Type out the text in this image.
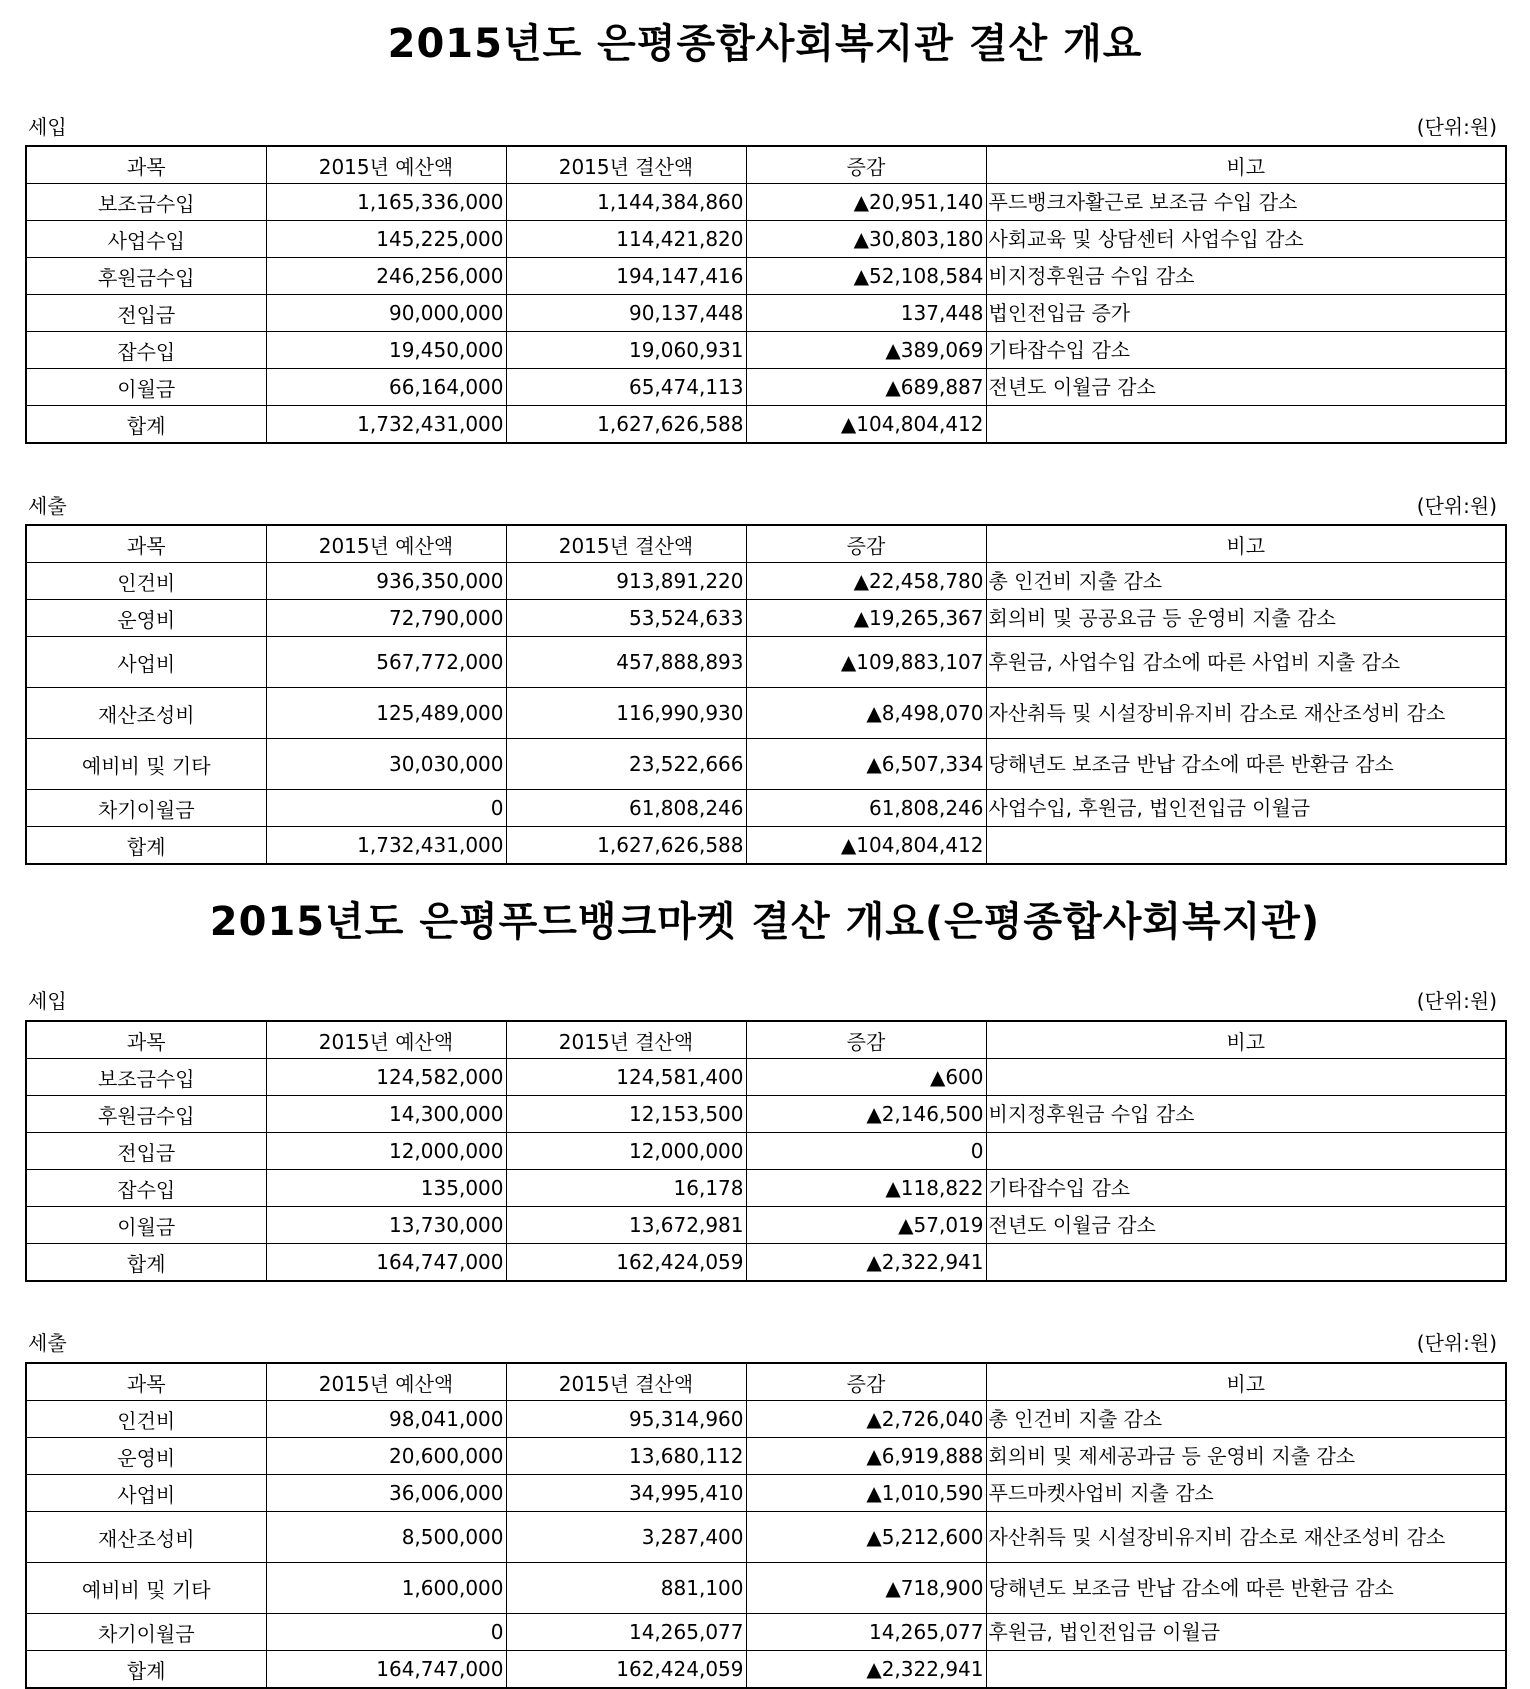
2015년도 은평종합사회복지관 결산 개요
세입	(단위:원)
과목	2015년 예산액	2015년 결산액	증감	비고
보조금수입	1,165,336,000	1,144,384,860	▲20,951,140	푸드뱅크자활근로 보조금 수입 감소
사업수입	145,225,000	114,421,820	▲30,803,180	사회교육 및 상담센터 사업수입 감소
후원금수입	246,256,000	194,147,416	▲52,108,584	비지정후원금 수입 감소
전입금	90,000,000	90,137,448	137,448	법인전입금 증가
잡수입	19,450,000	19,060,931	▲389,069	기타잡수입 감소
이월금	66,164,000	65,474,113	▲689,887	전년도 이월금 감소
합계	1,732,431,000	1,627,626,588	▲104,804,412	
세출	(단위:원)
과목	2015년 예산액	2015년 결산액	증감	비고
인건비	936,350,000	913,891,220	▲22,458,780	총 인건비 지출 감소
운영비	72,790,000	53,524,633	▲19,265,367	회의비 및 공공요금 등 운영비 지출 감소
사업비	567,772,000	457,888,893	▲109,883,107	후원금, 사업수입 감소에 따른 사업비 지출 감소
재산조성비	125,489,000	116,990,930	▲8,498,070	자산취득 및 시설장비유지비 감소로 재산조성비 감소
예비비 및 기타	30,030,000	23,522,666	▲6,507,334	당해년도 보조금 반납 감소에 따른 반환금 감소
차기이월금	0	61,808,246	61,808,246	사업수입, 후원금, 법인전입금 이월금
합계	1,732,431,000	1,627,626,588	▲104,804,412	
2015년도 은평푸드뱅크마켓 결산 개요(은평종합사회복지관)
세입	(단위:원)
과목	2015년 예산액	2015년 결산액	증감	비고
보조금수입	124,582,000	124,581,400	▲600	
후원금수입	14,300,000	12,153,500	▲2,146,500	비지정후원금 수입 감소
전입금	12,000,000	12,000,000	0	
잡수입	135,000	16,178	▲118,822	기타잡수입 감소
이월금	13,730,000	13,672,981	▲57,019	전년도 이월금 감소
합계	164,747,000	162,424,059	▲2,322,941	
세출	(단위:원)
과목	2015년 예산액	2015년 결산액	증감	비고
인건비	98,041,000	95,314,960	▲2,726,040	총 인건비 지출 감소
운영비	20,600,000	13,680,112	▲6,919,888	회의비 및 제세공과금 등 운영비 지출 감소
사업비	36,006,000	34,995,410	▲1,010,590	푸드마켓사업비 지출 감소
재산조성비	8,500,000	3,287,400	▲5,212,600	자산취득 및 시설장비유지비 감소로 재산조성비 감소
예비비 및 기타	1,600,000	881,100	▲718,900	당해년도 보조금 반납 감소에 따른 반환금 감소
차기이월금	0	14,265,077	14,265,077	후원금, 법인전입금 이월금
합계	164,747,000	162,424,059	▲2,322,941	
